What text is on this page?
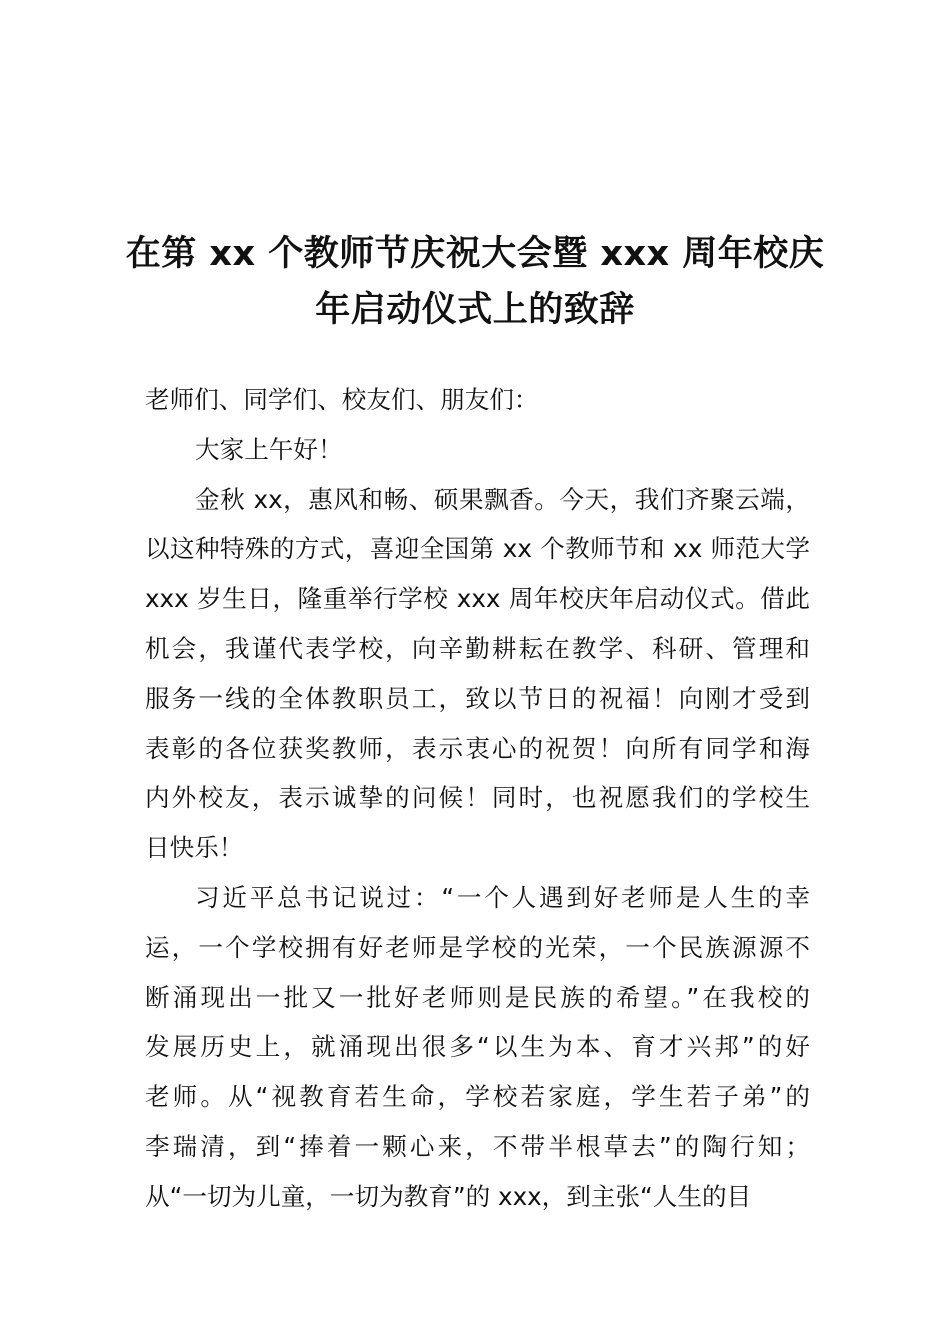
在第 xx 个教师节庆祝大会暨 xxx 周年校庆
年启动仪式上的致辞
老师们、同学们、校友们、朋友们：
大家上午好！
金秋 xx，惠风和畅、硕果飘香。今天，我们齐聚云端，
以这种特殊的方式，喜迎全国第 xx 个教师节和 xx 师范大学
xxx 岁生日，隆重举行学校 xxx 周年校庆年启动仪式。借此
机会，我谨代表学校，向辛勤耕耘在教学、科研、管理和
服务一线的全体教职员工，致以节日的祝福！向刚才受到
表彰的各位获奖教师，表示衷心的祝贺！向所有同学和海
内外校友，表示诚挚的问候！同时，也祝愿我们的学校生
日快乐！
习近平总书记说过：“一个人遇到好老师是人生的幸
运，一个学校拥有好老师是学校的光荣，一个民族源源不
断涌现出一批又一批好老师则是民族的希望。”在我校的
发展历史上，就涌现出很多“以生为本、育才兴邦”的好
老师。从“视教育若生命，学校若家庭，学生若子弟”的
李瑞清，到“捧着一颗心来，不带半根草去”的陶行知；
从“一切为儿童，一切为教育”的 xxx，到主张“人生的目
